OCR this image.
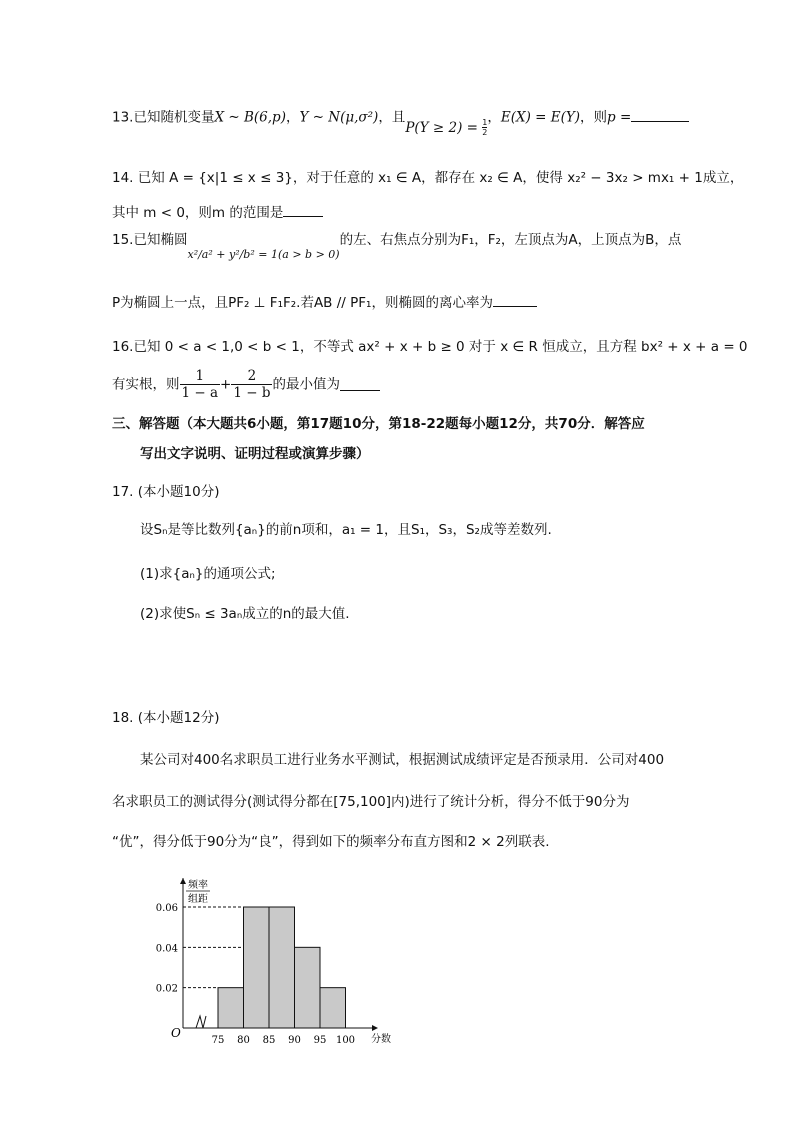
13.已知随机变量X ~ B(6,p)，Y ~ N(μ,σ²)，且$P(Y \ge 2) = \frac{1}{2}$
，E(X) = E(Y)，则p =
14. 已知 A = {x|1 ≤ x ≤ 3}，对于任意的 x₁ ∈ A，都存在 x₂ ∈ A，使得 x₂² − 3x₂ > mx₁ + 1成立，
其中 m < 0，则m 的范围是
15.已知椭圆$_{x^2/a^2 + y^2/b^2 = 1(a > b > 0)}$的左、右焦点分别为F₁，F₂，左顶点为A，上顶点为B，点
P为椭圆上一点，且PF₂ ⊥ F₁F₂.若AB // PF₁，则椭圆的离心率为
16.已知 0 < a < 1,0 < b < 1，不等式 ax² + x + b ≥ 0 对于 x ∈ R 恒成立，且方程 bx² + x + a = 0
有实根，则 $\frac{1}{1 - a} + \frac{2}{1 - b}$ 的最小值为
三、解答题（本大题共6小题，第17题10分，第18-22题每小题12分，共70分．解答应
写出文字说明、证明过程或演算步骤）
17. (本小题10分)
设Sₙ是等比数列{aₙ}的前n项和，a₁ = 1，且S₁，S₃，S₂成等差数列.
(1)求{aₙ}的通项公式;
(2)求使Sₙ ≤ 3aₙ成立的n的最大值.
18. (本小题12分)
某公司对400名求职员工进行业务水平测试，根据测试成绩评定是否预录用．公司对400
名求职员工的测试得分(测试得分都在[75,100]内)进行了统计分析，得分不低于90分为
“优”，得分低于90分为“良”，得到如下的频率分布直方图和2 × 2列联表.
0.02
0.04
0.06
75 80 85 90 95 100
O
频率
组距
分数
